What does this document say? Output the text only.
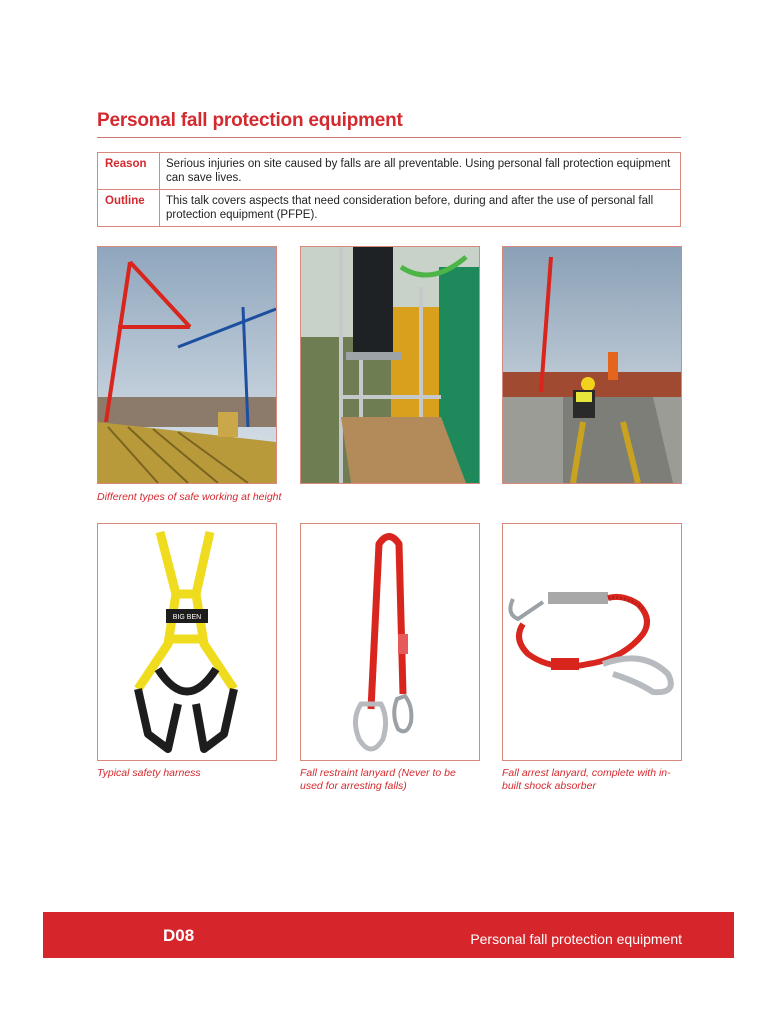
Personal fall protection equipment
Reason	Serious injuries on site caused by falls are all preventable. Using personal fall protection equipment can save lives.
Outline	This talk covers aspects that need consideration before, during and after the use of personal fall protection equipment (PFPE).
Different types of safe working at height
BIG BEN
Typical safety harness	Fall restraint lanyard (Never to be used for arresting falls)
Fall arrest lanyard, complete with in-built shock absorber
D08	Personal fall protection equipment
